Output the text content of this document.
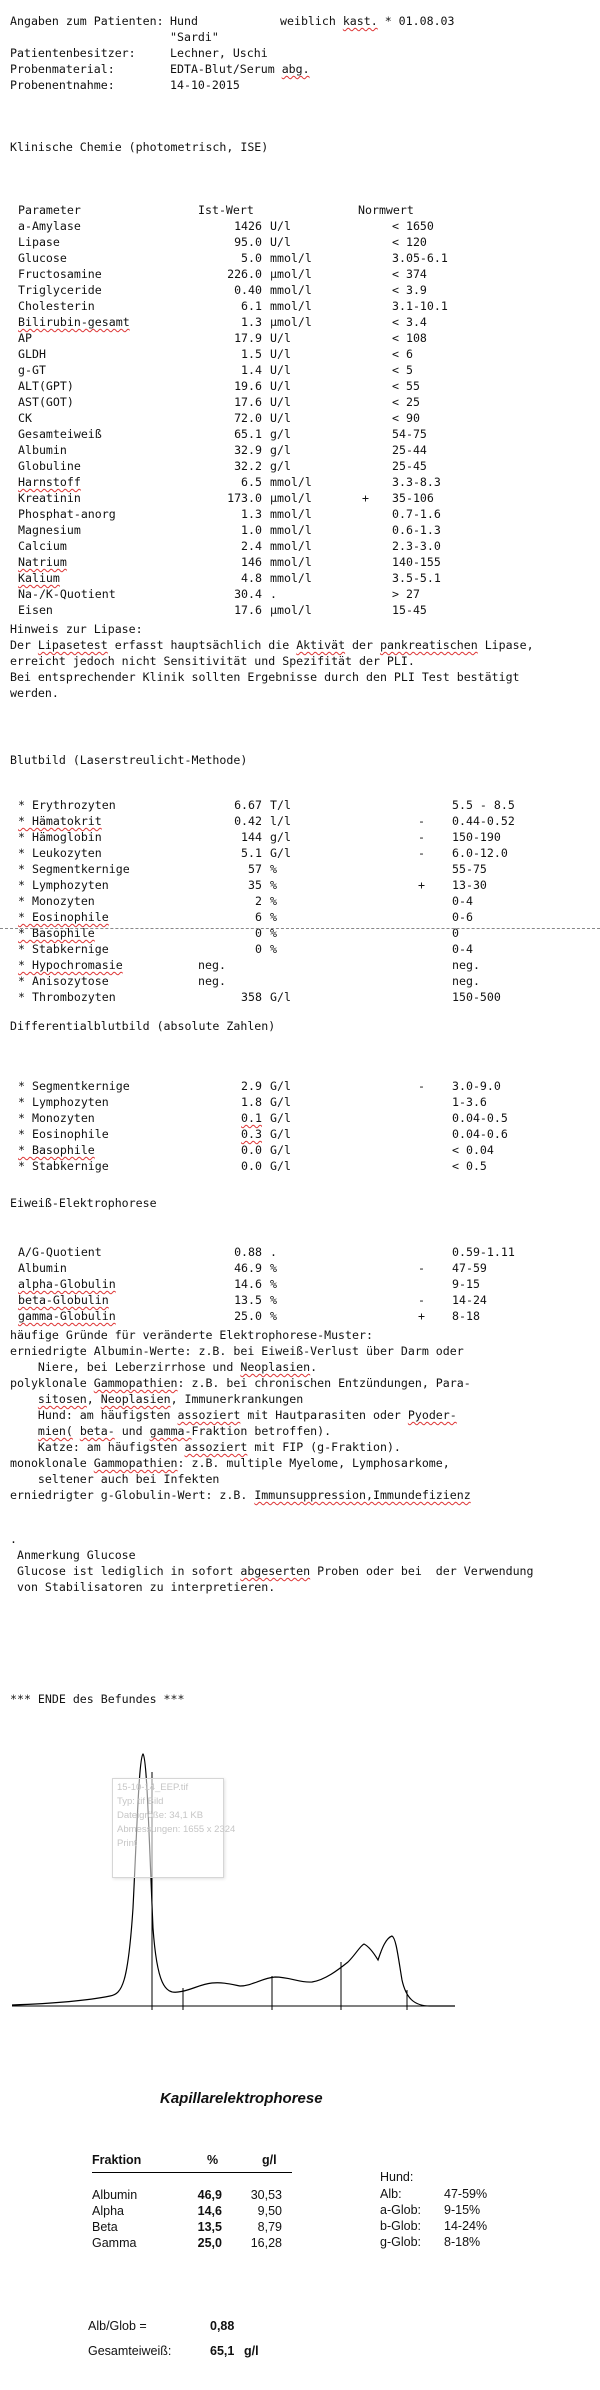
Angaben zum Patienten: Hund	weiblich kast. * 01.08.03
"Sardi"
Patientenbesitzer:	Lechner, Uschi
Probenmaterial:	EDTA-Blut/Serum abg.
Probenentnahme:	14-10-2015
Klinische Chemie (photometrisch, ISE)
Parameter	Ist-Wert	Normwert
a-Amylase	1426 U/l	< 1650
Lipase	95.0 U/l	< 120
Glucose	5.0 mmol/l	3.05-6.1
Fructosamine	226.0 µmol/l	< 374
Triglyceride	0.40 mmol/l	< 3.9
Cholesterin	6.1 mmol/l	3.1-10.1
Bilirubin-gesamt	1.3 µmol/l	< 3.4
AP	17.9 U/l	< 108
GLDH	1.5 U/l	< 6
g-GT	1.4 U/l	< 5
ALT(GPT)	19.6 U/l	< 55
AST(GOT)	17.6 U/l	< 25
CK	72.0 U/l	< 90
Gesamteiweiß	65.1 g/l	54-75
Albumin	32.9 g/l	25-44
Globuline	32.2 g/l	25-45
Harnstoff	6.5 mmol/l	3.3-8.3
Kreatinin	173.0 µmol/l	+ 35-106
Phosphat-anorg	1.3 mmol/l	0.7-1.6
Magnesium	1.0 mmol/l	0.6-1.3
Calcium	2.4 mmol/l	2.3-3.0
Natrium	146 mmol/l	140-155
Kalium	4.8 mmol/l	3.5-5.1
Na-/K-Quotient	30.4 .	> 27
Eisen	17.6 µmol/l	15-45
Hinweis zur Lipase:
Der Lipasetest erfasst hauptsächlich die Aktivät der pankreatischen Lipase,
erreicht jedoch nicht Sensitivität und Spezifität der PLI.
Bei entsprechender Klinik sollten Ergebnisse durch den PLI Test bestätigt
werden.
Blutbild (Laserstreulicht-Methode)
* Erythrozyten	6.67 T/l	5.5 - 8.5
* Hämatokrit	0.42 l/l	- 0.44-0.52
* Hämoglobin	144 g/l	- 150-190
* Leukozyten	5.1 G/l	- 6.0-12.0
* Segmentkernige	57 %	55-75
* Lymphozyten	35 %	+ 13-30
* Monozyten	2 %	0-4
* Eosinophile	6 %	0-6
* Basophile	0 %	0
* Stabkernige	0 %	0-4
* Hypochromasie	neg.	neg.
* Anisozytose	neg.	neg.
* Thrombozyten	358 G/l	150-500
Differentialblutbild (absolute Zahlen)
* Segmentkernige	2.9 G/l	- 3.0-9.0
* Lymphozyten	1.8 G/l	1-3.6
* Monozyten	0.1 G/l	0.04-0.5
* Eosinophile	0.3 G/l	0.04-0.6
* Basophile	0.0 G/l	< 0.04
* Stabkernige	0.0 G/l	< 0.5
Eiweiß-Elektrophorese
A/G-Quotient	0.88 .	0.59-1.11
Albumin	46.9 %	- 47-59
alpha-Globulin	14.6 %	9-15
beta-Globulin	13.5 %	- 14-24
gamma-Globulin	25.0 %	+ 8-18
häufige Gründe für veränderte Elektrophorese-Muster:
erniedrigte Albumin-Werte: z.B. bei Eiweiß-Verlust über Darm oder
Niere, bei Leberzirrhose und Neoplasien.
polyklonale Gammopathien: z.B. bei chronischen Entzündungen, Para-
sitosen, Neoplasien, Immunerkrankungen
Hund: am häufigsten assoziert mit Hautparasiten oder Pyoder-
mien( beta- und gamma-Fraktion betroffen).
Katze: am häufigsten assoziert mit FIP (g-Fraktion).
monoklonale Gammopathien: z.B. multiple Myelome, Lymphosarkome,
seltener auch bei Infekten
erniedrigter g-Globulin-Wert: z.B. Immunsuppression,Immundefizienz
.
Anmerkung Glucose
Glucose ist lediglich in sofort abgeserten Proben oder bei  der Verwendung
von Stabilisatoren zu interpretieren.
*** ENDE des Befundes ***
15-10-14_EEP.tif
Typ: tif Bild
Dateigröße: 34,1 KB
Abmessungen: 1655 x 2324
Print
Kapillarelektrophorese
Fraktion	%	g/l
Albumin	46,9 30,53
Alpha	14,6	9,50
Beta	13,5	8,79
Gamma	25,0 16,28
Hund:
Alb:	47-59%
a-Glob: 9-15%
b-Glob: 14-24%
g-Glob: 8-18%
Alb/Glob =	0,88
Gesamteiweiß:	65,1 g/l
